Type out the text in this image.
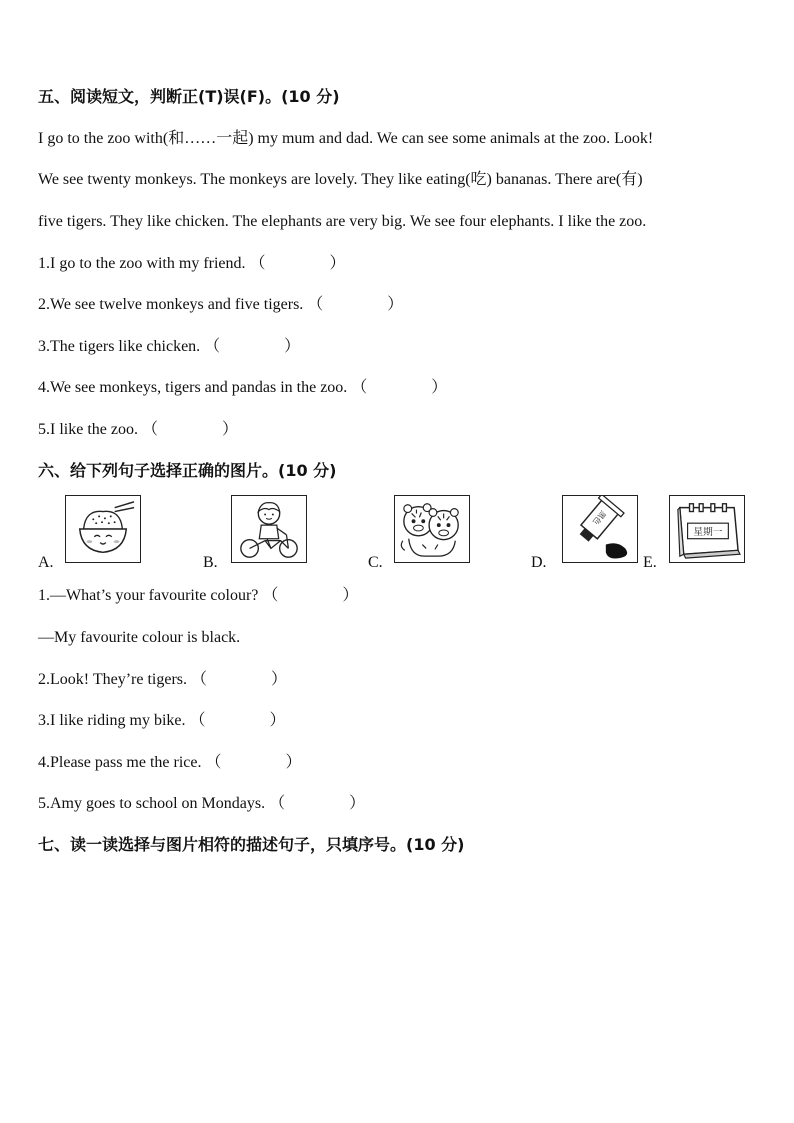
五、阅读短文，判断正(T)误(F)。(10 分)
I go to the zoo with(和……一起) my mum and dad. We can see some animals at the zoo. Look!
We see twenty monkeys. The monkeys are lovely. They like eating(吃) bananas. There are(有)
five tigers. They like chicken. The elephants are very big. We see four elephants. I like the zoo.
1.I go to the zoo with my friend. （　　　　）
2.We see twelve monkeys and five tigers. （　　　　）
3.The tigers like chicken. （　　　　）
4.We see monkeys, tigers and pandas in the zoo. （　　　　）
5.I like the zoo. （　　　　）
六、给下列句子选择正确的图片。(10 分)
A.	B.	C.	D.	E.
黑色
星期一
1.—What’s your favourite colour? （　　　　）
—My favourite colour is black.
2.Look! They’re tigers. （　　　　）
3.I like riding my bike. （　　　　）
4.Please pass me the rice. （　　　　）
5.Amy goes to school on Mondays. （　　　　）
七、读一读选择与图片相符的描述句子，只填序号。(10 分)
